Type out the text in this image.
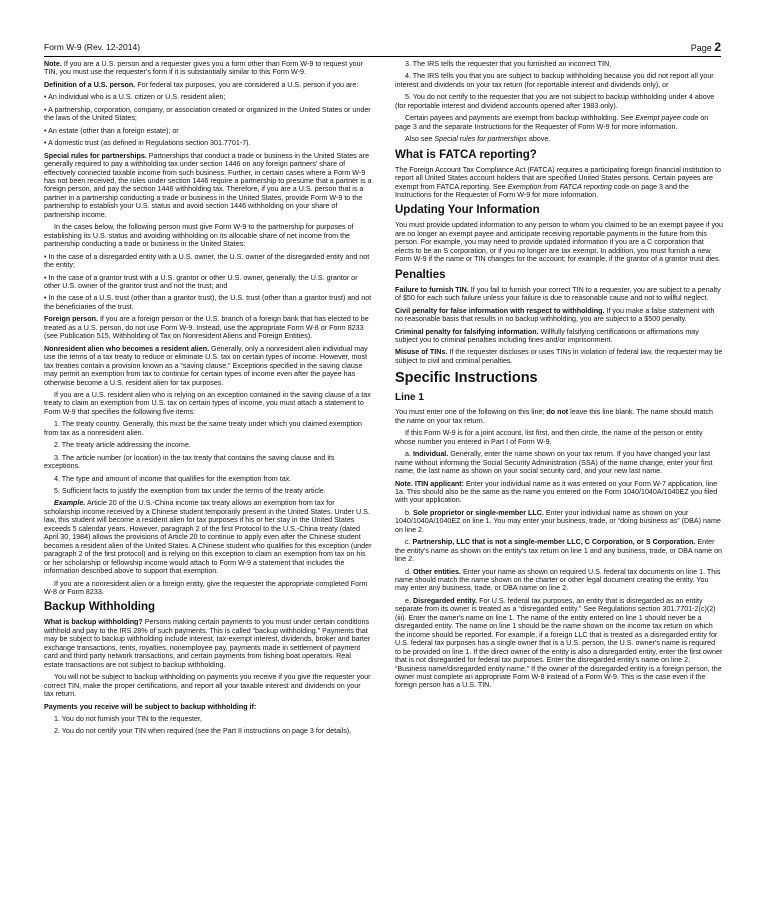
Form W-9 (Rev. 12-2014)	Page 2

Note. If you are a U.S. person and a requester gives you a form other than Form W-9 to request your TIN, you must use the requester's form if it is substantially similar to this Form W-9.

Definition of a U.S. person. For federal tax purposes, you are considered a U.S. person if you are:

• An individual who is a U.S. citizen or U.S. resident alien;

• A partnership, corporation, company, or association created or organized in the United States or under the laws of the United States;

• An estate (other than a foreign estate); or

• A domestic trust (as defined in Regulations section 301.7701-7).

Special rules for partnerships. Partnerships that conduct a trade or business in the United States are generally required to pay a withholding tax under section 1446 on any foreign partners' share of effectively connected taxable income from such business. Further, in certain cases where a Form W-9 has not been received, the rules under section 1446 require a partnership to presume that a partner is a foreign person, and pay the section 1446 withholding tax. Therefore, if you are a U.S. person that is a partner in a partnership conducting a trade or business in the United States, provide Form W-9 to the partnership to establish your U.S. status and avoid section 1446 withholding on your share of partnership income.

In the cases below, the following person must give Form W-9 to the partnership for purposes of establishing its U.S. status and avoiding withholding on its allocable share of net income from the partnership conducting a trade or business in the United States:

• In the case of a disregarded entity with a U.S. owner, the U.S. owner of the disregarded entity and not the entity;

• In the case of a grantor trust with a U.S. grantor or other U.S. owner, generally, the U.S. grantor or other U.S. owner of the grantor trust and not the trust; and

• In the case of a U.S. trust (other than a grantor trust), the U.S. trust (other than a grantor trust) and not the beneficiaries of the trust.

Foreign person. If you are a foreign person or the U.S. branch of a foreign bank that has elected to be treated as a U.S. person, do not use Form W-9. Instead, use the appropriate Form W-8 or Form 8233 (see Publication 515, Withholding of Tax on Nonresident Aliens and Foreign Entities).

Nonresident alien who becomes a resident alien. Generally, only a nonresident alien individual may use the terms of a tax treaty to reduce or eliminate U.S. tax on certain types of income. However, most tax treaties contain a provision known as a “saving clause.” Exceptions specified in the saving clause may permit an exemption from tax to continue for certain types of income even after the payee has otherwise become a U.S. resident alien for tax purposes.

If you are a U.S. resident alien who is relying on an exception contained in the saving clause of a tax treaty to claim an exemption from U.S. tax on certain types of income, you must attach a statement to Form W-9 that specifies the following five items:

1. The treaty country. Generally, this must be the same treaty under which you claimed exemption from tax as a nonresident alien.

2. The treaty article addressing the income.

3. The article number (or location) in the tax treaty that contains the saving clause and its exceptions.

4. The type and amount of income that qualifies for the exemption from tax.

5. Sufficient facts to justify the exemption from tax under the terms of the treaty article.

Example. Article 20 of the U.S.-China income tax treaty allows an exemption from tax for scholarship income received by a Chinese student temporarily present in the United States. Under U.S. law, this student will become a resident alien for tax purposes if his or her stay in the United States exceeds 5 calendar years. However, paragraph 2 of the first Protocol to the U.S.-China treaty (dated April 30, 1984) allows the provisions of Article 20 to continue to apply even after the Chinese student becomes a resident alien of the United States. A Chinese student who qualifies for this exception (under paragraph 2 of the first protocol) and is relying on this exception to claim an exemption from tax on his or her scholarship or fellowship income would attach to Form W-9 a statement that includes the information described above to support that exemption.

If you are a nonresident alien or a foreign entity, give the requester the appropriate completed Form W-8 or Form 8233.

Backup Withholding

What is backup withholding? Persons making certain payments to you must under certain conditions withhold and pay to the IRS 28% of such payments. This is called “backup withholding.” Payments that may be subject to backup withholding include interest, tax-exempt interest, dividends, broker and barter exchange transactions, rents, royalties, nonemployee pay, payments made in settlement of payment card and third party network transactions, and certain payments from fishing boat operators. Real estate transactions are not subject to backup withholding.

You will not be subject to backup withholding on payments you receive if you give the requester your correct TIN, make the proper certifications, and report all your taxable interest and dividends on your tax return.

Payments you receive will be subject to backup withholding if:

1. You do not furnish your TIN to the requester,

2. You do not certify your TIN when required (see the Part II instructions on page 3 for details),

3. The IRS tells the requester that you furnished an incorrect TIN,

4. The IRS tells you that you are subject to backup withholding because you did not report all your interest and dividends on your tax return (for reportable interest and dividends only), or

5. You do not certify to the requester that you are not subject to backup withholding under 4 above (for reportable interest and dividend accounts opened after 1983 only).

Certain payees and payments are exempt from backup withholding. See Exempt payee code on page 3 and the separate Instructions for the Requester of Form W-9 for more information.

Also see Special rules for partnerships above.

What is FATCA reporting?

The Foreign Account Tax Compliance Act (FATCA) requires a participating foreign financial institution to report all United States account holders that are specified United States persons. Certain payees are exempt from FATCA reporting. See Exemption from FATCA reporting code on page 3 and the Instructions for the Requester of Form W-9 for more information.

Updating Your Information

You must provide updated information to any person to whom you claimed to be an exempt payee if you are no longer an exempt payee and anticipate receiving reportable payments in the future from this person. For example, you may need to provide updated information if you are a C corporation that elects to be an S corporation, or if you no longer are tax exempt. In addition, you must furnish a new Form W-9 if the name or TIN changes for the account; for example, if the grantor of a grantor trust dies.

Penalties

Failure to furnish TIN. If you fail to furnish your correct TIN to a requester, you are subject to a penalty of $50 for each such failure unless your failure is due to reasonable cause and not to willful neglect.

Civil penalty for false information with respect to withholding. If you make a false statement with no reasonable basis that results in no backup withholding, you are subject to a $500 penalty.

Criminal penalty for falsifying information. Willfully falsifying certifications or affirmations may subject you to criminal penalties including fines and/or imprisonment.

Misuse of TINs. If the requester discloses or uses TINs in violation of federal law, the requester may be subject to civil and criminal penalties.

Specific Instructions
Line 1

You must enter one of the following on this line; do not leave this line blank. The name should match the name on your tax return.

If this Form W-9 is for a joint account, list first, and then circle, the name of the person or entity whose number you entered in Part I of Form W-9.

a. Individual. Generally, enter the name shown on your tax return. If you have changed your last name without informing the Social Security Administration (SSA) of the name change, enter your first name, the last name as shown on your social security card, and your new last name.

Note. ITIN applicant: Enter your individual name as it was entered on your Form W-7 application, line 1a. This should also be the same as the name you entered on the Form 1040/1040A/1040EZ you filed with your application.

b. Sole proprietor or single-member LLC. Enter your individual name as shown on your 1040/1040A/1040EZ on line 1. You may enter your business, trade, or “doing business as” (DBA) name on line 2.

c. Partnership, LLC that is not a single-member LLC, C Corporation, or S Corporation. Enter the entity's name as shown on the entity's tax return on line 1 and any business, trade, or DBA name on line 2.

d. Other entities. Enter your name as shown on required U.S. federal tax documents on line 1. This name should match the name shown on the charter or other legal document creating the entity. You may enter any business, trade, or DBA name on line 2.

e. Disregarded entity. For U.S. federal tax purposes, an entity that is disregarded as an entity separate from its owner is treated as a “disregarded entity.” See Regulations section 301.7701-2(c)(2)(iii). Enter the owner's name on line 1. The name of the entity entered on line 1 should never be a disregarded entity. The name on line 1 should be the name shown on the income tax return on which the income should be reported. For example, if a foreign LLC that is treated as a disregarded entity for U.S. federal tax purposes has a single owner that is a U.S. person, the U.S. owner's name is required to be provided on line 1. If the direct owner of the entity is also a disregarded entity, enter the first owner that is not disregarded for federal tax purposes. Enter the disregarded entity's name on line 2, “Business name/disregarded entity name.” If the owner of the disregarded entity is a foreign person, the owner must complete an appropriate Form W-8 instead of a Form W-9. This is the case even if the foreign person has a U.S. TIN.
